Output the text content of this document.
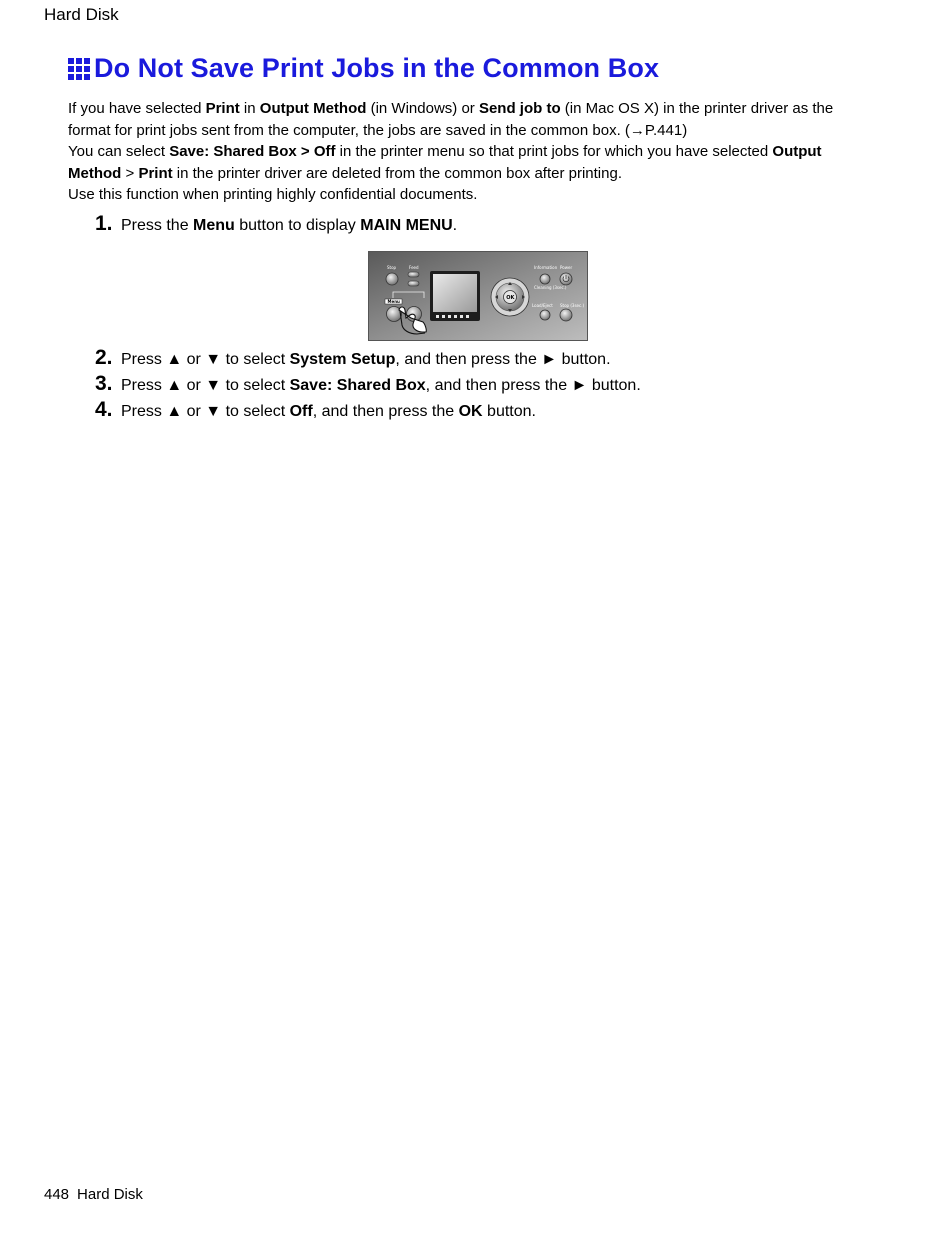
Hard Disk
Do Not Save Print Jobs in the Common Box

If you have selected Print in Output Method (in Windows) or Send job to (in Mac OS X) in the printer driver as the format for print jobs sent from the computer, the jobs are saved in the common box. (→P.441)

You can select Save: Shared Box > Off in the printer menu so that print jobs for which you have selected Output Method > Print in the printer driver are deleted from the common box after printing.

Use this function when printing highly confidential documents.

1. Press the Menu button to display MAIN MENU.
Stop	Feed	Information Power
Cleaning (3sec.)
Load/Eject Stop (3sec.)
Menu
OK
2. Press ▲ or ▼ to select System Setup, and then press the ► button.
3. Press ▲ or ▼ to select Save: Shared Box, and then press the ► button.
4. Press ▲ or ▼ to select Off, and then press the OK button.
448 Hard Disk
